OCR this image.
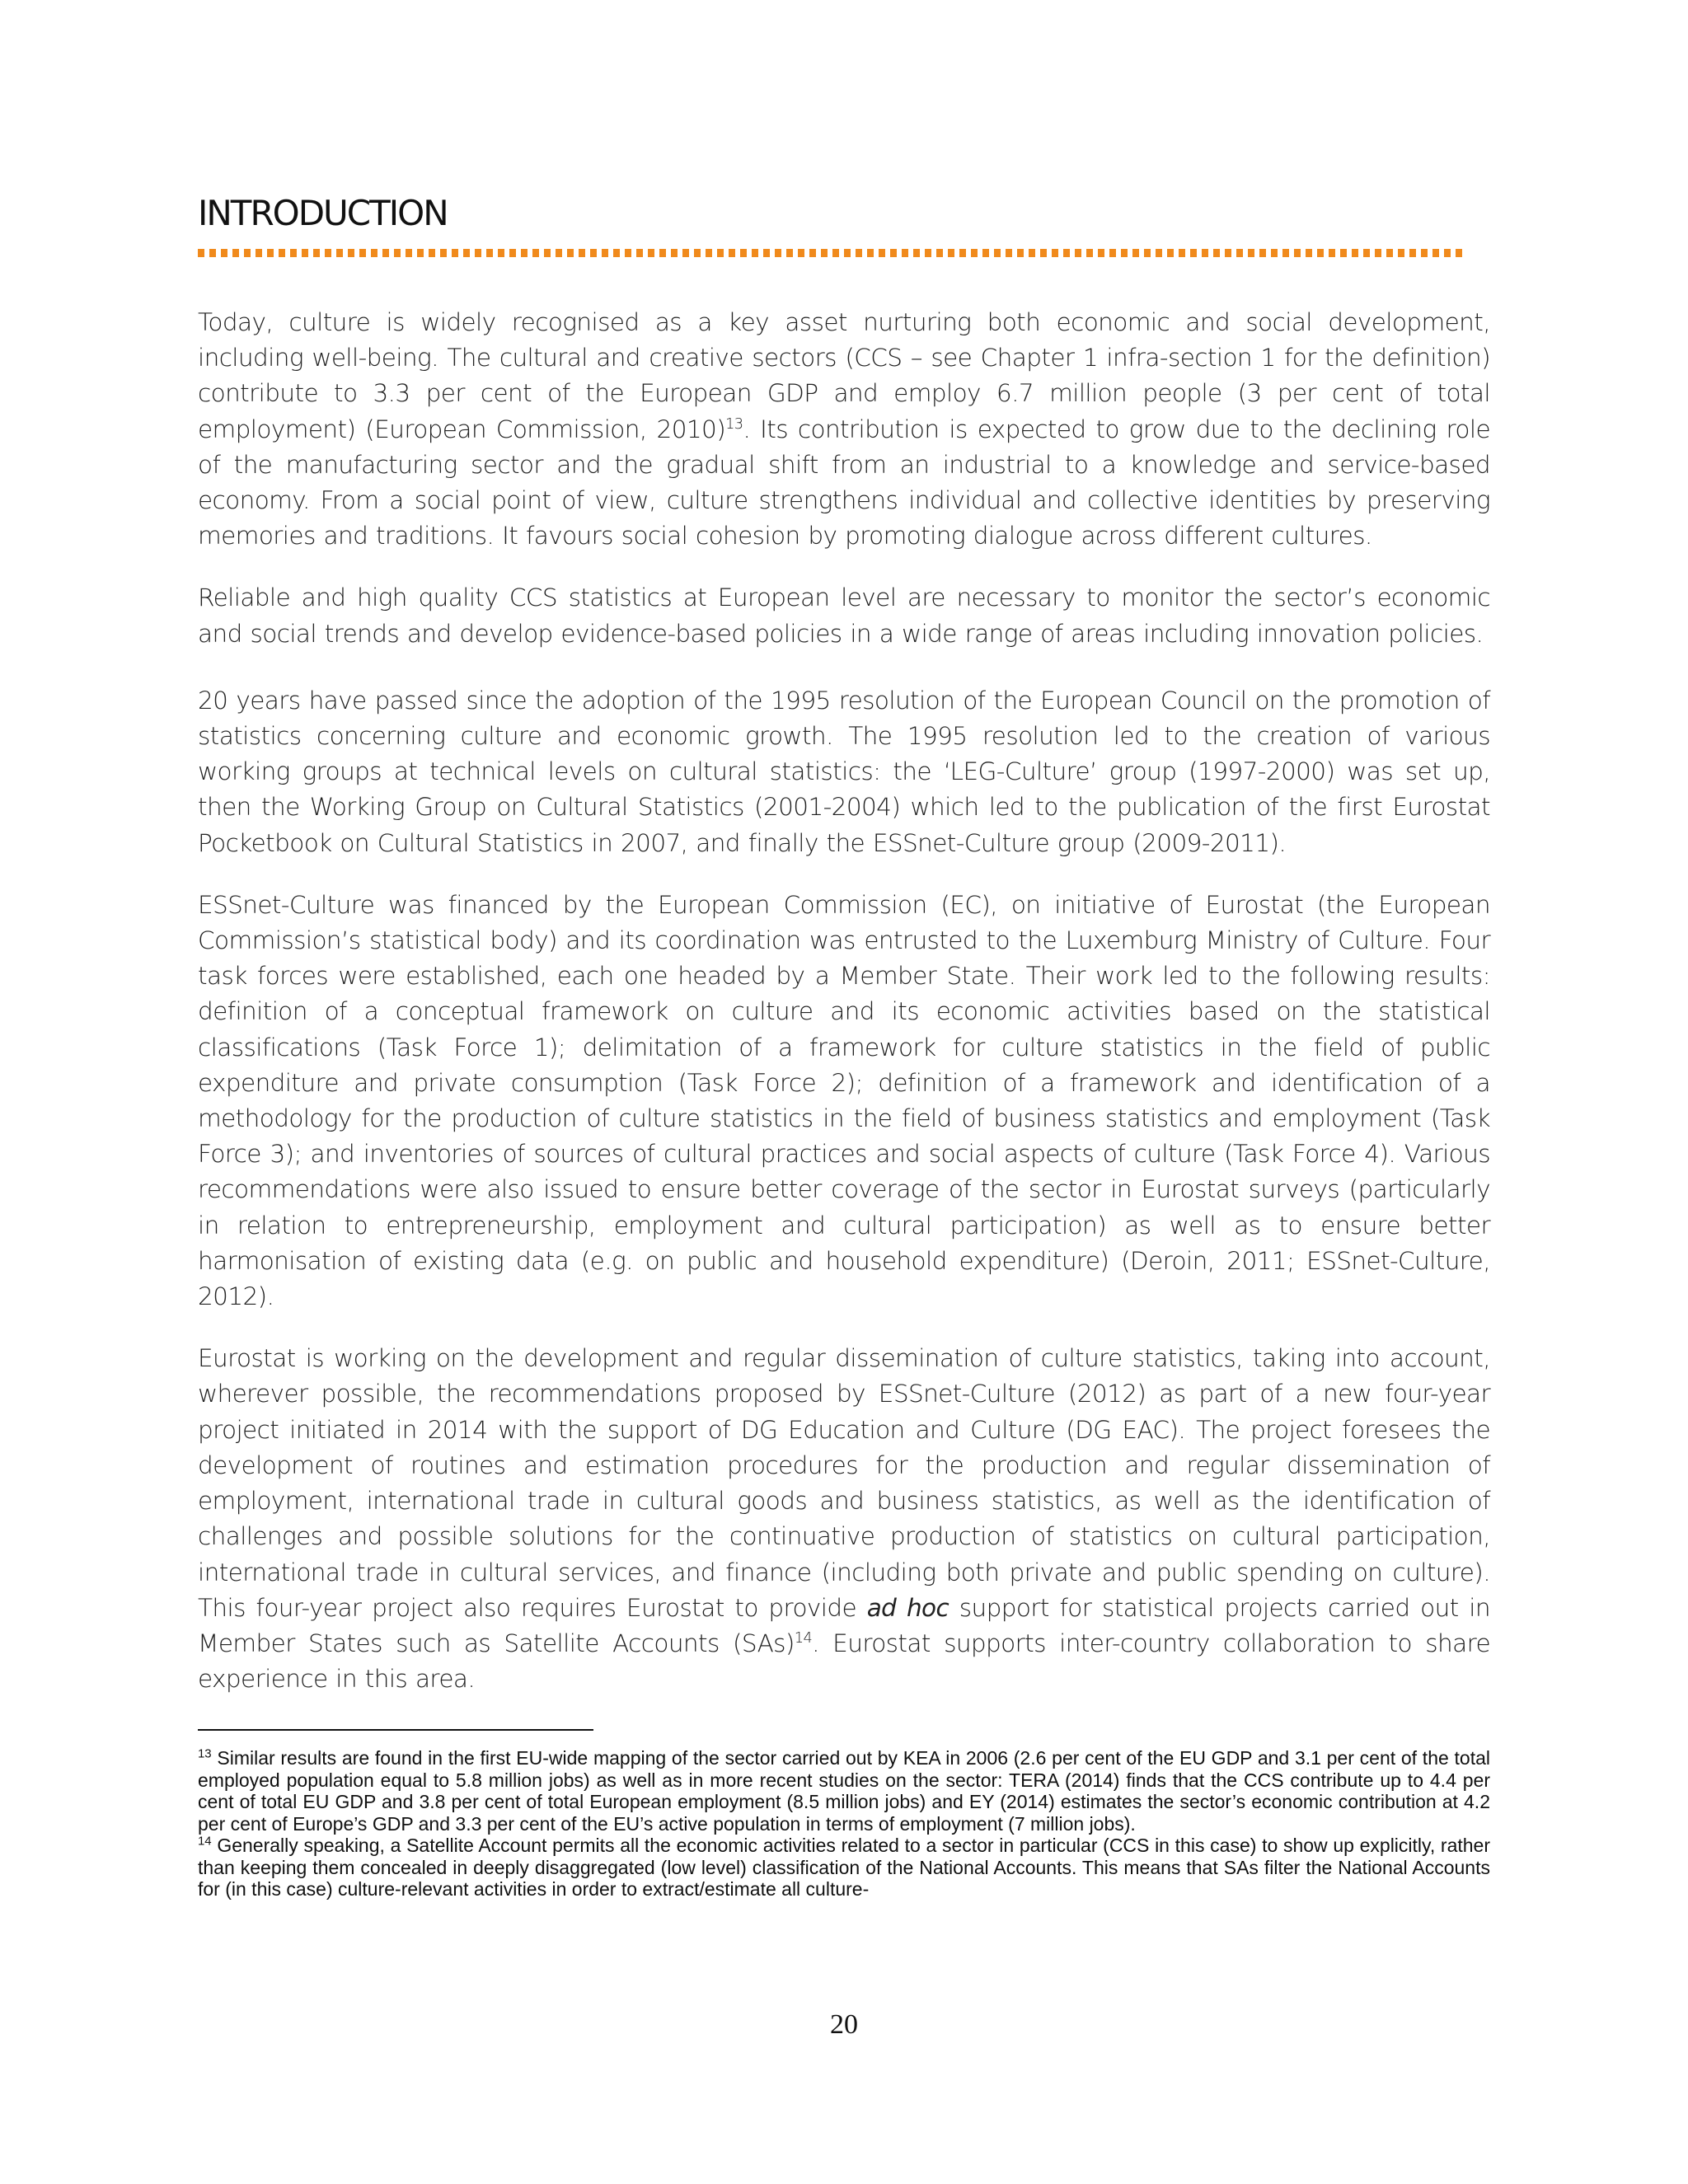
INTRODUCTION

Today, culture is widely recognised as a key asset nurturing both economic and social development, including well-being. The cultural and creative sectors (CCS – see Chapter 1 infra-section 1 for the definition) contribute to 3.3 per cent of the European GDP and employ 6.7 million people (3 per cent of total employment) (European Commission, 2010)$^{13}$. Its contribution is expected to grow due to the declining role of the manufacturing sector and the gradual shift from an industrial to a knowledge and service-based economy. From a social point of view, culture strengthens individual and collective identities by preserving memories and traditions. It favours social cohesion by promoting dialogue across different cultures.

Reliable and high quality CCS statistics at European level are necessary to monitor the sector’s economic and social trends and develop evidence-based policies in a wide range of areas including innovation policies.

20 years have passed since the adoption of the 1995 resolution of the European Council on the promotion of statistics concerning culture and economic growth. The 1995 resolution led to the creation of various working groups at technical levels on cultural statistics: the ‘LEG-Culture’ group (1997-2000) was set up, then the Working Group on Cultural Statistics (2001-2004) which led to the publication of the first Eurostat Pocketbook on Cultural Statistics in 2007, and finally the ESSnet-Culture group (2009-2011).

ESSnet-Culture was financed by the European Commission (EC), on initiative of Eurostat (the European Commission’s statistical body) and its coordination was entrusted to the Luxemburg Ministry of Culture. Four task forces were established, each one headed by a Member State. Their work led to the following results: definition of a conceptual framework on culture and its economic activities based on the statistical classifications (Task Force 1); delimitation of a framework for culture statistics in the field of public expenditure and private consumption (Task Force 2); definition of a framework and identification of a methodology for the production of culture statistics in the field of business statistics and employment (Task Force 3); and inventories of sources of cultural practices and social aspects of culture (Task Force 4). Various recommendations were also issued to ensure better coverage of the sector in Eurostat surveys (particularly in relation to entrepreneurship, employment and cultural participation) as well as to ensure better harmonisation of existing data (e.g. on public and household expenditure) (Deroin, 2011; ESSnet-Culture, 2012).

Eurostat is working on the development and regular dissemination of culture statistics, taking into account, wherever possible, the recommendations proposed by ESSnet-Culture (2012) as part of a new four-year project initiated in 2014 with the support of DG Education and Culture (DG EAC). The project foresees the development of routines and estimation procedures for the production and regular dissemination of employment, international trade in cultural goods and business statistics, as well as the identification of challenges and possible solutions for the continuative production of statistics on cultural participation, international trade in cultural services, and finance (including both private and public spending on culture). This four-year project also requires Eurostat to provide ad hoc support for statistical projects carried out in Member States such as Satellite Accounts (SAs)$^{14}$. Eurostat supports inter-country collaboration to share experience in this area.

$^{13}$ Similar results are found in the first EU-wide mapping of the sector carried out by KEA in 2006 (2.6 per cent of the EU GDP and 3.1 per cent of the total employed population equal to 5.8 million jobs) as well as in more recent studies on the sector: TERA (2014) finds that the CCS contribute up to 4.4 per cent of total EU GDP and 3.8 per cent of total European employment (8.5 million jobs) and EY (2014) estimates the sector’s economic contribution at 4.2 per cent of Europe’s GDP and 3.3 per cent of the EU’s active population in terms of employment (7 million jobs).

$^{14}$ Generally speaking, a Satellite Account permits all the economic activities related to a sector in particular (CCS in this case) to show up explicitly, rather than keeping them concealed in deeply disaggregated (low level) classification of the National Accounts. This means that SAs filter the National Accounts for (in this case) culture-relevant activities in order to extract/estimate all culture-

20
